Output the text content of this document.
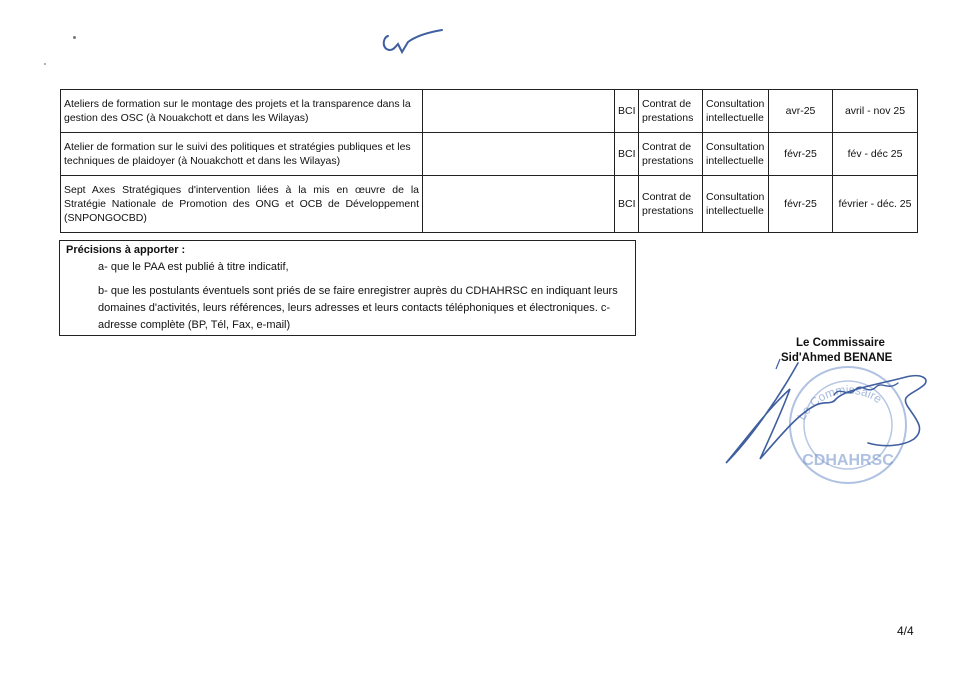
Ateliers de formation sur le montage des projets et la transparence dans la gestion des OSC (à Nouakchott et dans les Wilayas)		BCI	Contrat de prestations	Consultation intellectuelle	avr-25	avril - nov 25
Atelier de formation sur le suivi des politiques et stratégies publiques et les techniques de plaidoyer (à Nouakchott et dans les Wilayas)		BCI	Contrat de prestations	Consultation intellectuelle	févr-25	fév - déc 25
Sept Axes Stratégiques d'intervention liées à la mis en œuvre de la Stratégie Nationale de Promotion des ONG et OCB de Développement (SNPONGOCBD)		BCI	Contrat de prestations	Consultation intellectuelle	févr-25	février - déc. 25
Précisions à apporter :
a- que le PAA est publié à titre indicatif,
b- que les postulants éventuels sont priés de se faire enregistrer auprès du CDHAHRSC en indiquant leurs domaines d'activités, leurs références, leurs adresses et leurs contacts téléphoniques et électroniques. c- adresse complète (BP, Tél, Fax, e-mail)
Le Commissaire
CDHAHRSC
Le Commissaire
Sid'Ahmed BENANE
4/4
